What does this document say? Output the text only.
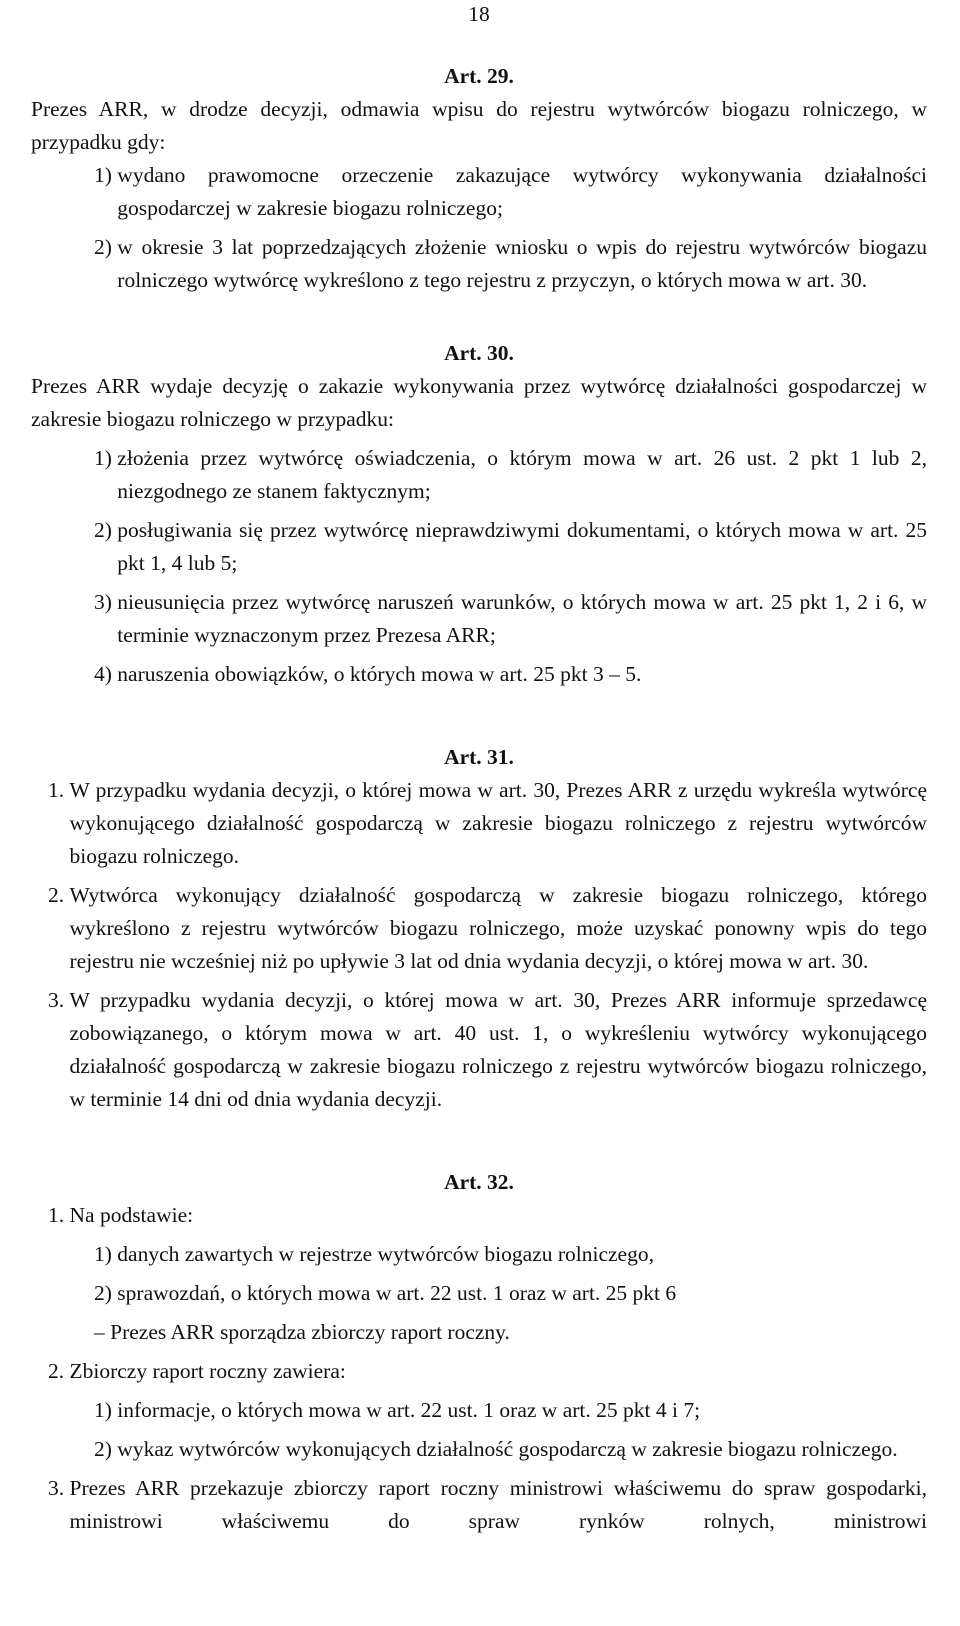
18
Art. 29.
Prezes ARR, w drodze decyzji, odmawia wpisu do rejestru wytwórców biogazu rolniczego, w przypadku gdy:
1) wydano prawomocne orzeczenie zakazujące wytwórcy wykonywania działalności gospodarczej w zakresie biogazu rolniczego;
2) w okresie 3 lat poprzedzających złożenie wniosku o wpis do rejestru wytwórców biogazu rolniczego wytwórcę wykreślono z tego rejestru z przyczyn, o których mowa w art. 30.
Art. 30.
Prezes ARR wydaje decyzję o zakazie wykonywania przez wytwórcę działalności gospodarczej w zakresie biogazu rolniczego w przypadku:
1) złożenia przez wytwórcę oświadczenia, o którym mowa w art. 26 ust. 2 pkt 1 lub 2, niezgodnego ze stanem faktycznym;
2) posługiwania się przez wytwórcę nieprawdziwymi dokumentami, o których mowa w art. 25 pkt 1, 4 lub 5;
3) nieusunięcia przez wytwórcę naruszeń warunków, o których mowa w art. 25 pkt 1, 2 i 6, w terminie wyznaczonym przez Prezesa ARR;
4) naruszenia obowiązków, o których mowa w art. 25 pkt 3 – 5.
Art. 31.
1. W przypadku wydania decyzji, o której mowa w art. 30, Prezes ARR z urzędu wykreśla wytwórcę wykonującego działalność gospodarczą w zakresie biogazu rolniczego z rejestru wytwórców biogazu rolniczego.
2. Wytwórca wykonujący działalność gospodarczą w zakresie biogazu rolniczego, którego wykreślono z rejestru wytwórców biogazu rolniczego, może uzyskać ponowny wpis do tego rejestru nie wcześniej niż po upływie 3 lat od dnia wydania decyzji, o której mowa w art. 30.
3. W przypadku wydania decyzji, o której mowa w art. 30, Prezes ARR informuje sprzedawcę zobowiązanego, o którym mowa w art. 40 ust. 1, o wykreśleniu wytwórcy wykonującego działalność gospodarczą w zakresie biogazu rolniczego z rejestru wytwórców biogazu rolniczego, w terminie 14 dni od dnia wydania decyzji.
Art. 32.
1. Na podstawie:
1) danych zawartych w rejestrze wytwórców biogazu rolniczego,
2) sprawozdań, o których mowa w art. 22 ust. 1 oraz w art. 25 pkt 6
– Prezes ARR sporządza zbiorczy raport roczny.
2. Zbiorczy raport roczny zawiera:
1) informacje, o których mowa w art. 22 ust. 1 oraz w art. 25 pkt 4 i 7;
2) wykaz wytwórców wykonujących działalność gospodarczą w zakresie biogazu rolniczego.
3. Prezes ARR przekazuje zbiorczy raport roczny ministrowi właściwemu do spraw gospodarki, ministrowi właściwemu do spraw rynków rolnych, ministrowi
